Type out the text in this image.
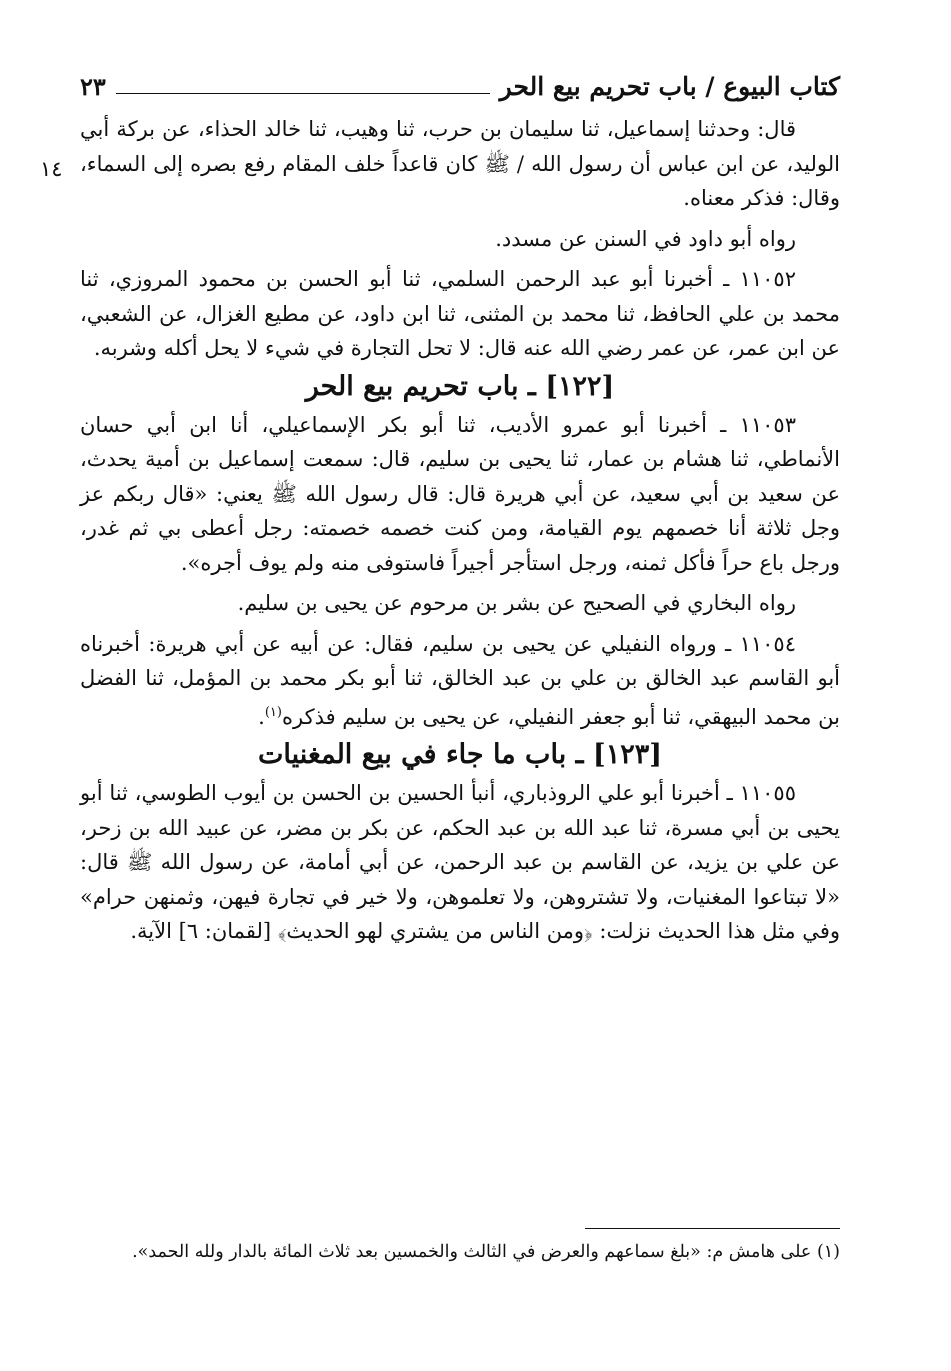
كتاب البيوع / باب تحريم بيع الحر
٢٣
١٤

قال: وحدثنا إسماعيل، ثنا سليمان بن حرب، ثنا وهيب، ثنا خالد الحذاء، عن بركة أبي الوليد، عن ابن عباس أن رسول الله / ﷺ كان قاعداً خلف المقام رفع بصره إلى السماء، وقال: فذكر معناه.

رواه أبو داود في السنن عن مسدد.

١١٠٥٢ ـ أخبرنا أبو عبد الرحمن السلمي، ثنا أبو الحسن بن محمود المروزي، ثنا محمد بن علي الحافظ، ثنا محمد بن المثنى، ثنا ابن داود، عن مطيع الغزال، عن الشعبي، عن ابن عمر، عن عمر رضي الله عنه قال: لا تحل التجارة في شيء لا يحل أكله وشربه.

[١٢٢] ـ باب تحريم بيع الحر

١١٠٥٣ ـ أخبرنا أبو عمرو الأديب، ثنا أبو بكر الإسماعيلي، أنا ابن أبي حسان الأنماطي، ثنا هشام بن عمار، ثنا يحيى بن سليم، قال: سمعت إسماعيل بن أمية يحدث، عن سعيد بن أبي سعيد، عن أبي هريرة قال: قال رسول الله ﷺ يعني: «قال ربكم عز وجل ثلاثة أنا خصمهم يوم القيامة، ومن كنت خصمه خصمته: رجل أعطى بي ثم غدر، ورجل باع حراً فأكل ثمنه، ورجل استأجر أجيراً فاستوفى منه ولم يوف أجره».

رواه البخاري في الصحيح عن بشر بن مرحوم عن يحيى بن سليم.

١١٠٥٤ ـ ورواه النفيلي عن يحيى بن سليم، فقال: عن أبيه عن أبي هريرة: أخبرناه أبو القاسم عبد الخالق بن علي بن عبد الخالق، ثنا أبو بكر محمد بن المؤمل، ثنا الفضل بن محمد البيهقي، ثنا أبو جعفر النفيلي، عن يحيى بن سليم فذكره$^{(١)}$.

[١٢٣] ـ باب ما جاء في بيع المغنيات

١١٠٥٥ ـ أخبرنا أبو علي الروذباري، أنبأ الحسين بن الحسن بن أيوب الطوسي، ثنا أبو يحيى بن أبي مسرة، ثنا عبد الله بن عبد الحكم، عن بكر بن مضر، عن عبيد الله بن زحر، عن علي بن يزيد، عن القاسم بن عبد الرحمن، عن أبي أمامة، عن رسول الله ﷺ قال: «لا تبتاعوا المغنيات، ولا تشتروهن، ولا تعلموهن، ولا خير في تجارة فيهن، وثمنهن حرام» وفي مثل هذا الحديث نزلت: ﴿ومن الناس من يشتري لهو الحديث﴾ [لقمان: ٦] الآية.

(١) على هامش م: «بلغ سماعهم والعرض في الثالث والخمسين بعد ثلاث المائة بالدار ولله الحمد».
